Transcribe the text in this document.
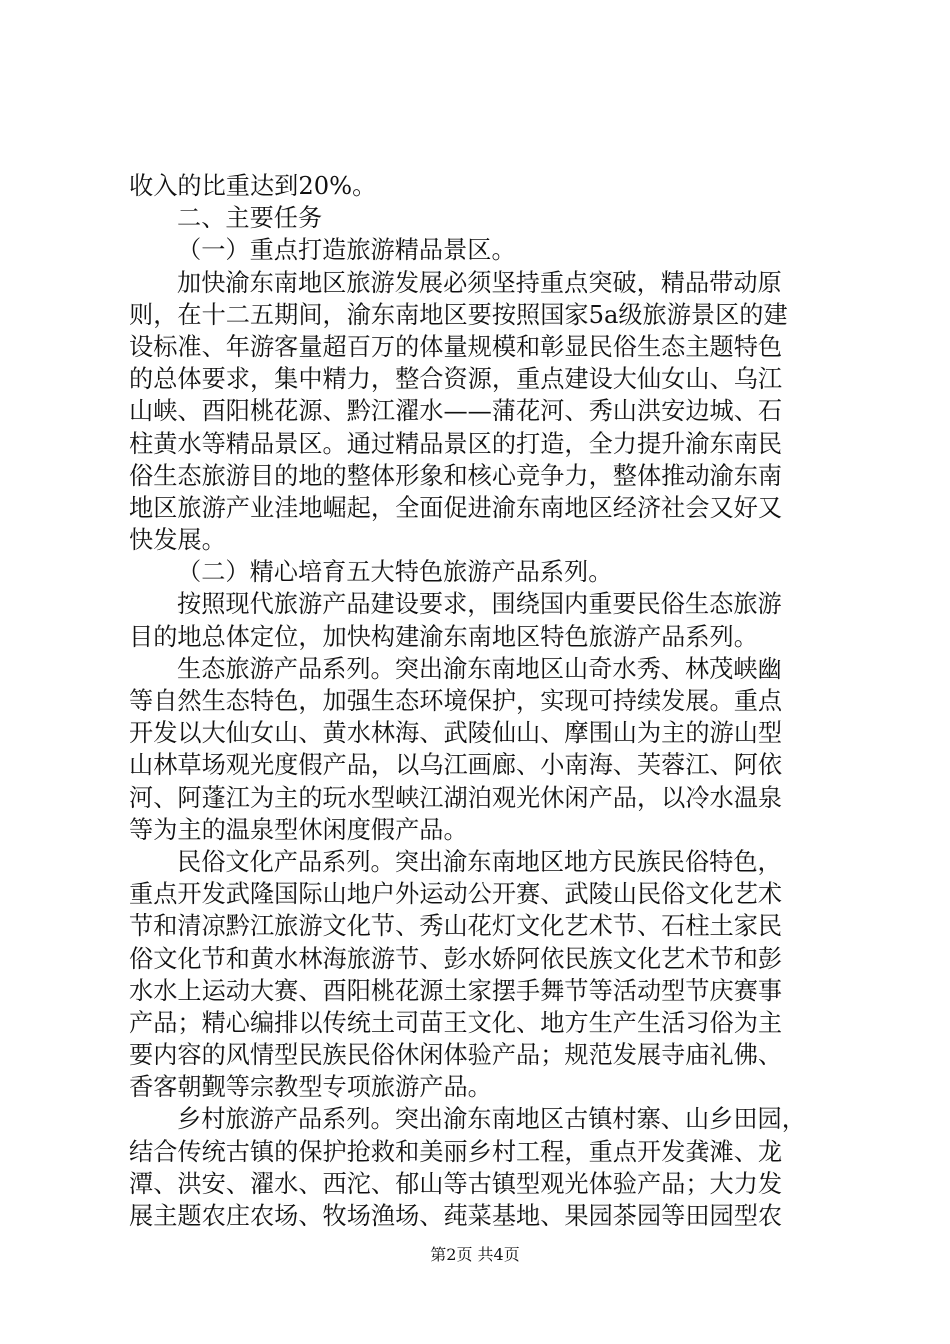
收入的比重达到20%。
二、主要任务
（一）重点打造旅游精品景区。
加快渝东南地区旅游发展必须坚持重点突破，精品带动原
则，在十二五期间，渝东南地区要按照国家5a级旅游景区的建
设标准、年游客量超百万的体量规模和彰显民俗生态主题特色
的总体要求，集中精力，整合资源，重点建设大仙女山、乌江
山峡、酉阳桃花源、黔江濯水——蒲花河、秀山洪安边城、石
柱黄水等精品景区。通过精品景区的打造，全力提升渝东南民
俗生态旅游目的地的整体形象和核心竞争力，整体推动渝东南
地区旅游产业洼地崛起，全面促进渝东南地区经济社会又好又
快发展。
（二）精心培育五大特色旅游产品系列。
按照现代旅游产品建设要求，围绕国内重要民俗生态旅游
目的地总体定位，加快构建渝东南地区特色旅游产品系列。
生态旅游产品系列。突出渝东南地区山奇水秀、林茂峡幽
等自然生态特色，加强生态环境保护，实现可持续发展。重点
开发以大仙女山、黄水林海、武陵仙山、摩围山为主的游山型
山林草场观光度假产品，以乌江画廊、小南海、芙蓉江、阿依
河、阿蓬江为主的玩水型峡江湖泊观光休闲产品，以冷水温泉
等为主的温泉型休闲度假产品。
民俗文化产品系列。突出渝东南地区地方民族民俗特色，
重点开发武隆国际山地户外运动公开赛、武陵山民俗文化艺术
节和清凉黔江旅游文化节、秀山花灯文化艺术节、石柱土家民
俗文化节和黄水林海旅游节、彭水娇阿依民族文化艺术节和彭
水水上运动大赛、酉阳桃花源土家摆手舞节等活动型节庆赛事
产品；精心编排以传统土司苗王文化、地方生产生活习俗为主
要内容的风情型民族民俗休闲体验产品；规范发展寺庙礼佛、
香客朝觐等宗教型专项旅游产品。
乡村旅游产品系列。突出渝东南地区古镇村寨、山乡田园，
结合传统古镇的保护抢救和美丽乡村工程，重点开发龚滩、龙
潭、洪安、濯水、西沱、郁山等古镇型观光体验产品；大力发
展主题农庄农场、牧场渔场、莼菜基地、果园茶园等田园型农
第2页 共4页
